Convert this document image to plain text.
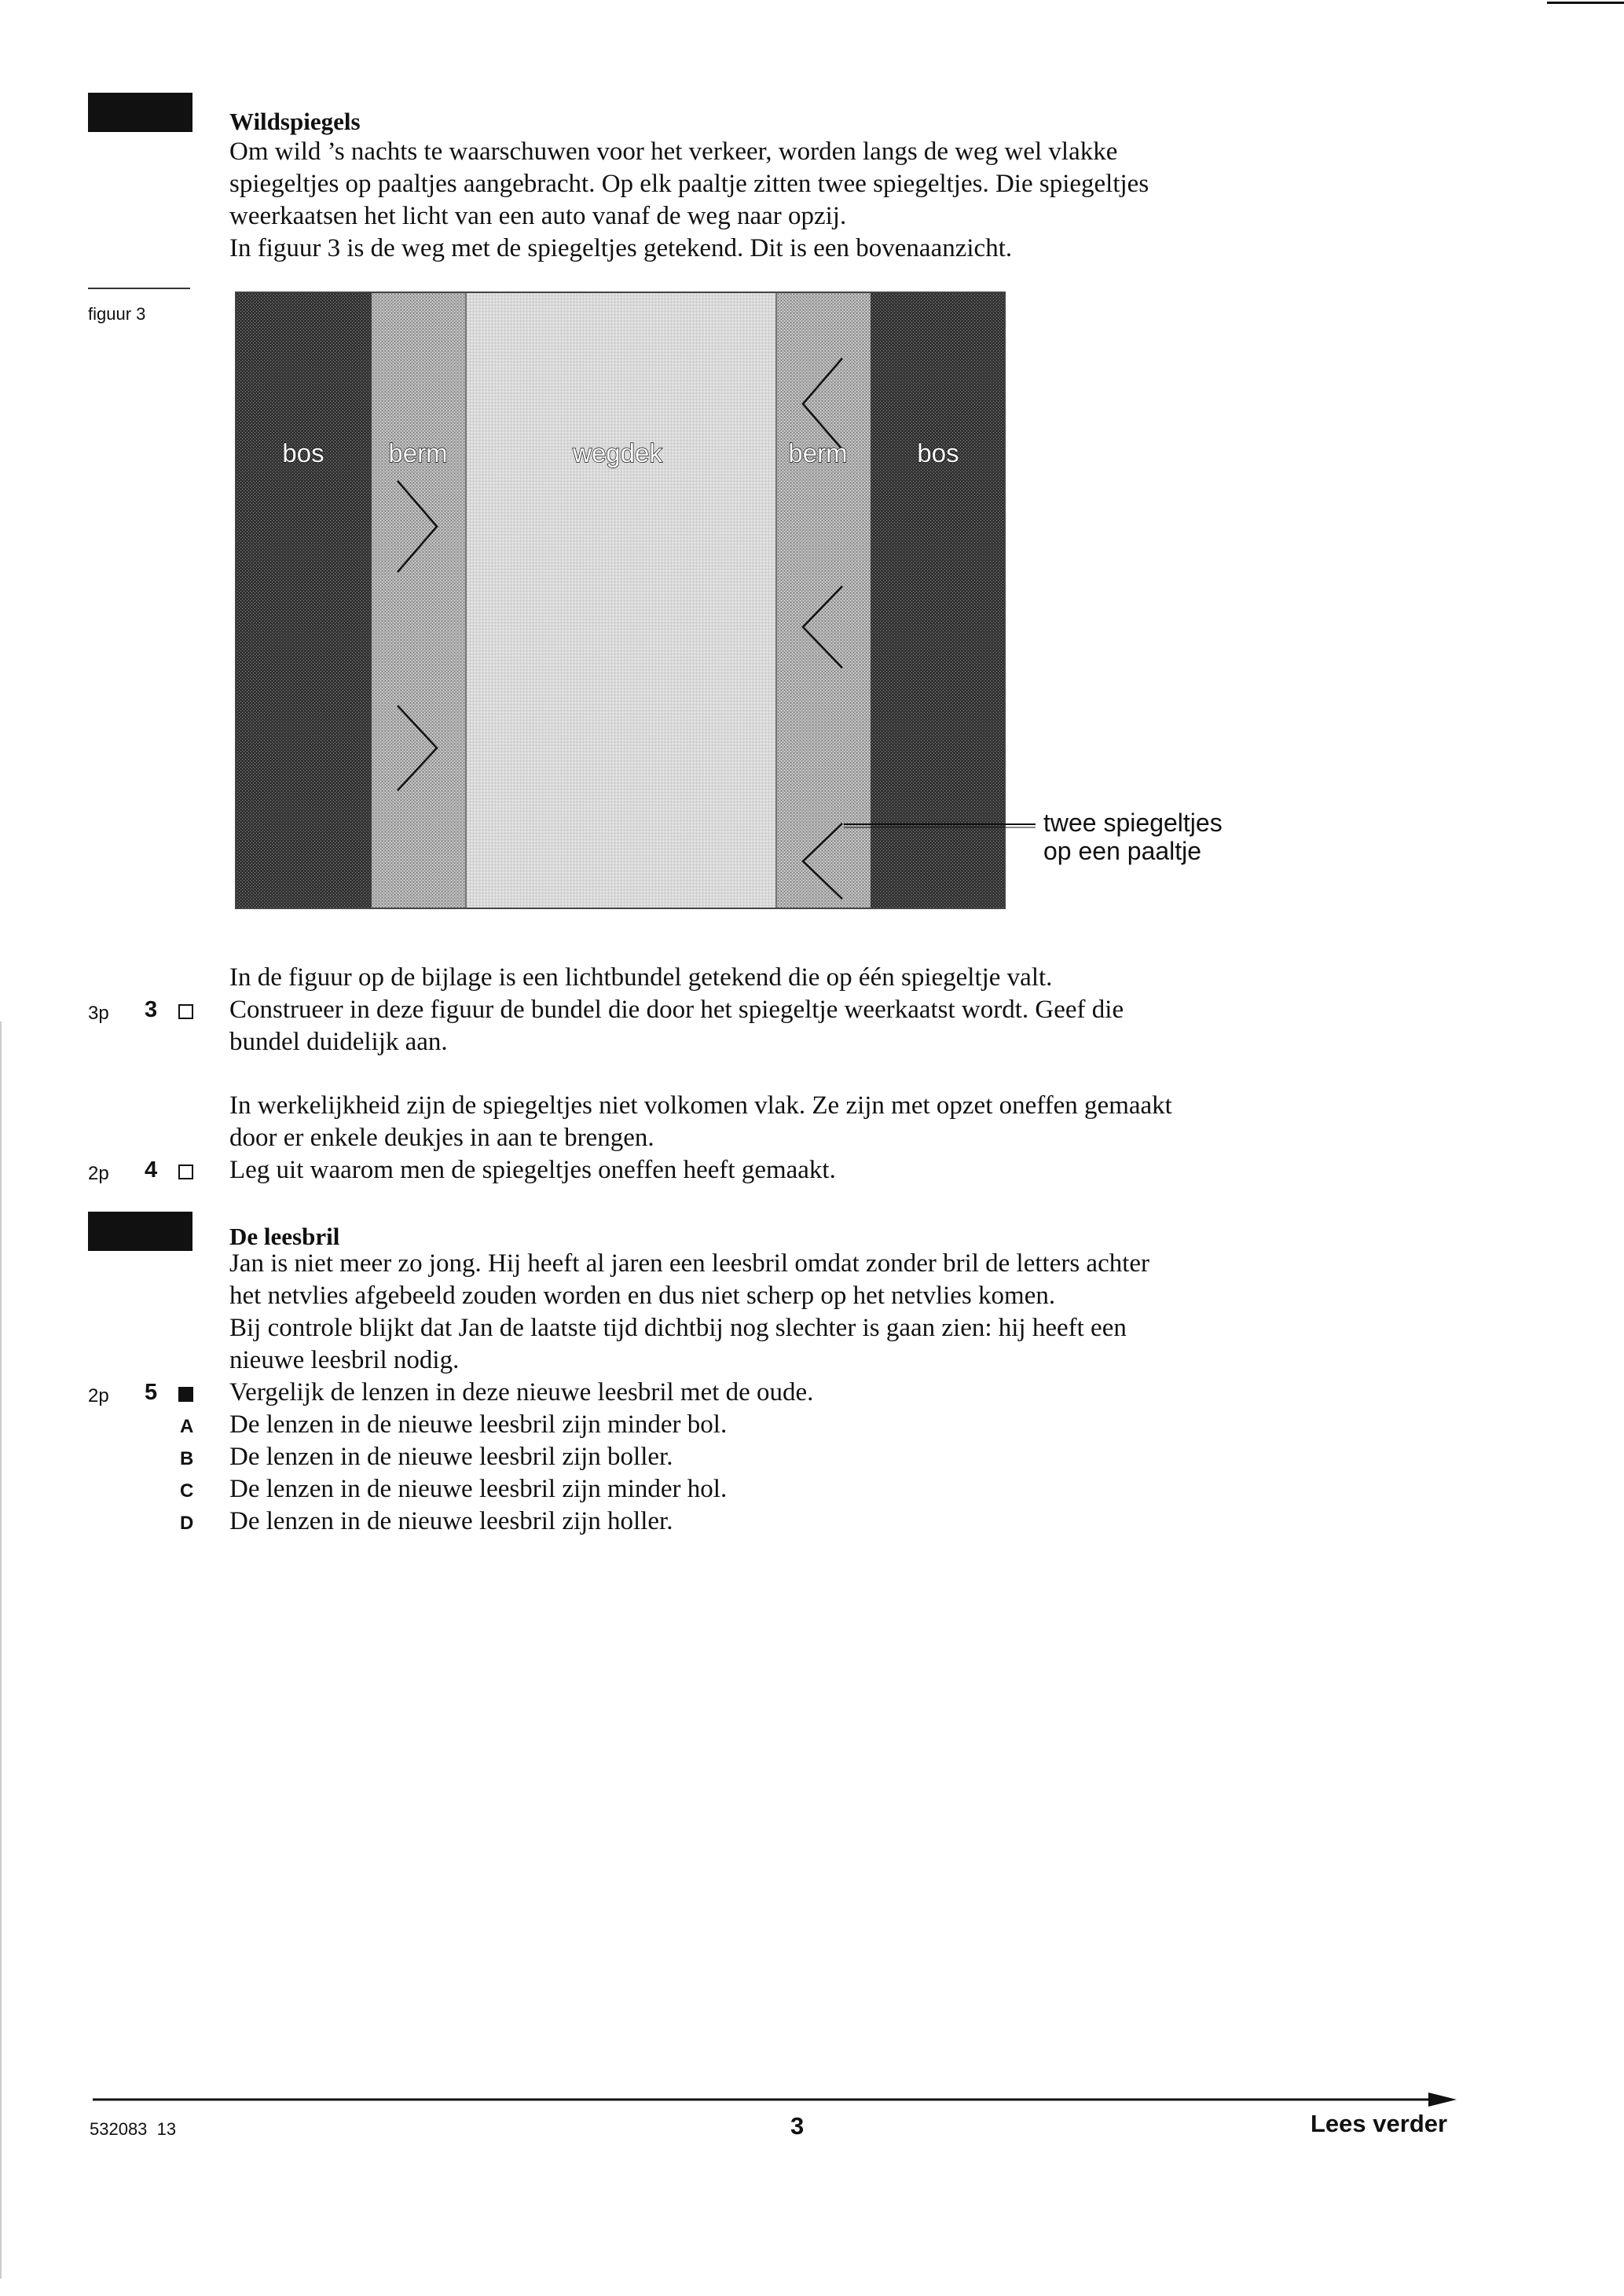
Wildspiegels
Om wild ’s nachts te waarschuwen voor het verkeer, worden langs de weg wel vlakke
spiegeltjes op paaltjes aangebracht. Op elk paaltje zitten twee spiegeltjes. Die spiegeltjes
weerkaatsen het licht van een auto vanaf de weg naar opzij.
In figuur 3 is de weg met de spiegeltjes getekend. Dit is een bovenaanzicht.
figuur 3
bos berm	wegdek	berm	bos
twee spiegeltjes
op een paaltje
In de figuur op de bijlage is een lichtbundel getekend die op één spiegeltje valt.
3p 3	Construeer in deze figuur de bundel die door het spiegeltje weerkaatst wordt. Geef die
bundel duidelijk aan.
In werkelijkheid zijn de spiegeltjes niet volkomen vlak. Ze zijn met opzet oneffen gemaakt
door er enkele deukjes in aan te brengen.
2p 4	Leg uit waarom men de spiegeltjes oneffen heeft gemaakt.
De leesbril
Jan is niet meer zo jong. Hij heeft al jaren een leesbril omdat zonder bril de letters achter
het netvlies afgebeeld zouden worden en dus niet scherp op het netvlies komen.
Bij controle blijkt dat Jan de laatste tijd dichtbij nog slechter is gaan zien: hij heeft een
nieuwe leesbril nodig.
2p 5	Vergelijk de lenzen in deze nieuwe leesbril met de oude.
A De lenzen in de nieuwe leesbril zijn minder bol.
B De lenzen in de nieuwe leesbril zijn boller.
C De lenzen in de nieuwe leesbril zijn minder hol.
D De lenzen in de nieuwe leesbril zijn holler.
532083  13	3	Lees verder
